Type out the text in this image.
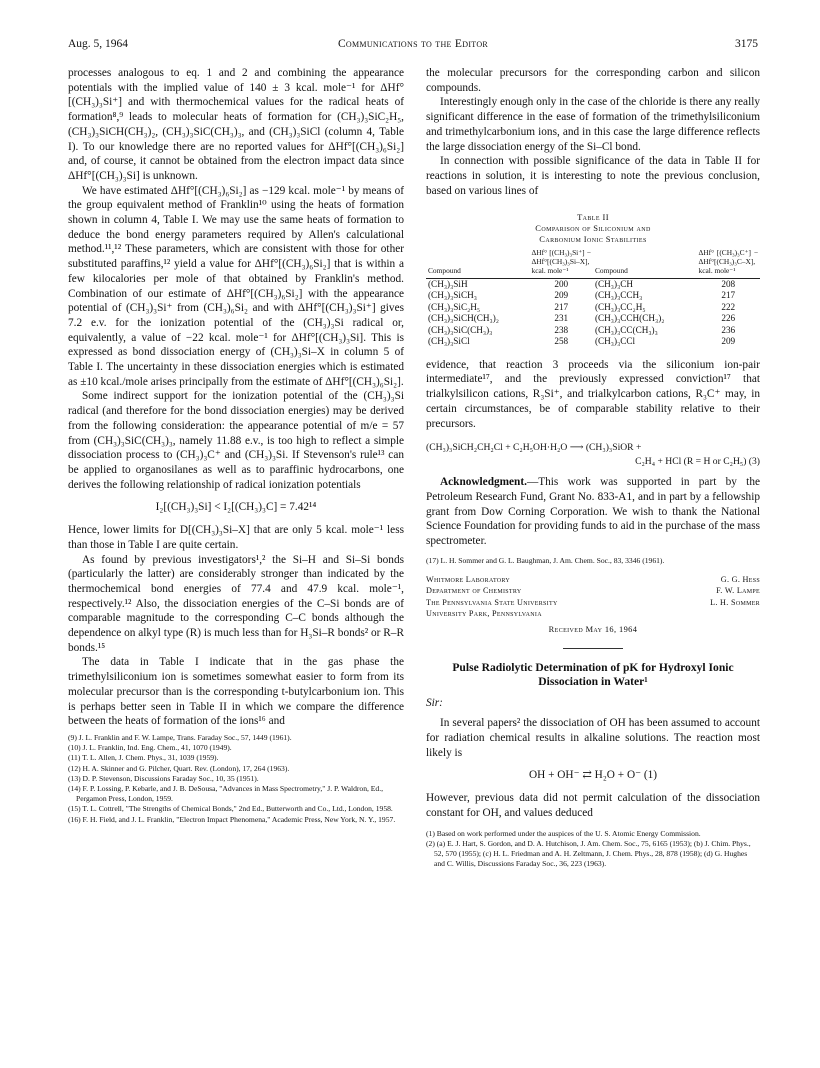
Aug. 5, 1964	Communications to the Editor	3175

processes analogous to eq. 1 and 2 and combining the appearance potentials with the implied value of 140 ± 3 kcal. mole⁻¹ for ΔHf°[(CH₃)₃Si⁺] and with thermochemical values for the radical heats of formation⁸,⁹ leads to molecular heats of formation for (CH₃)₃SiC₂H₅, (CH₃)₃SiCH(CH₃)₂, (CH₃)₃SiC(CH₃)₃, and (CH₃)₃SiCl (column 4, Table I). To our knowledge there are no reported values for ΔHf°[(CH₃)₆Si₂] and, of course, it cannot be obtained from the electron impact data since ΔHf°[(CH₃)₃Si] is unknown.

We have estimated ΔHf°[(CH₃)₆Si₂] as −129 kcal. mole⁻¹ by means of the group equivalent method of Franklin¹⁰ using the heats of formation shown in column 4, Table I. We may use the same heats of formation to deduce the bond energy parameters required by Allen's calculational method.¹¹,¹² These parameters, which are consistent with those for other substituted paraffins,¹² yield a value for ΔHf°[(CH₃)₆Si₂] that is within a few kilocalories per mole of that obtained by Franklin's method. Combination of our estimate of ΔHf°[(CH₃)₆Si₂] with the appearance potential of (CH₃)₃Si⁺ from (CH₃)₆Si₂ and with ΔHf°[(CH₃)₃Si⁺] gives 7.2 e.v. for the ionization potential of the (CH₃)₃Si radical or, equivalently, a value of −22 kcal. mole⁻¹ for ΔHf°[(CH₃)₃Si]. This is expressed as bond dissociation energy of (CH₃)₃Si–X in column 5 of Table I. The uncertainty in these dissociation energies which is estimated as ±10 kcal./mole arises principally from the estimate of ΔHf°[(CH₃)₆Si₂].

Some indirect support for the ionization potential of the (CH₃)₃Si radical (and therefore for the bond dissociation energies) may be derived from the following consideration: the appearance potential of m/e = 57 from (CH₃)₃SiC(CH₃)₃, namely 11.88 e.v., is too high to reflect a simple dissociation process to (CH₃)₃C⁺ and (CH₃)₃Si. If Stevenson's rule¹³ can be applied to organosilanes as well as to paraffinic hydrocarbons, one derives the following relationship of radical ionization potentials

I₂[(CH₃)₃Si] < I₂[(CH₃)₃C] = 7.42¹⁴

Hence, lower limits for D[(CH₃)₃Si–X] that are only 5 kcal. mole⁻¹ less than those in Table I are quite certain.

As found by previous investigators¹,² the Si–H and Si–Si bonds (particularly the latter) are considerably stronger than indicated by the thermochemical bond energies of 77.4 and 47.9 kcal. mole⁻¹, respectively.¹² Also, the dissociation energies of the C–Si bonds are of comparable magnitude to the corresponding C–C bonds although the dependence on alkyl type (R) is much less than for H₃Si–R bonds² or R–R bonds.¹⁵

The data in Table I indicate that in the gas phase the trimethylsiliconium ion is sometimes somewhat easier to form from its molecular precursor than is the corresponding t-butylcarbonium ion. This is perhaps better seen in Table II in which we compare the difference between the heats of formation of the ions¹⁶ and

(9) J. L. Franklin and F. W. Lampe, Trans. Faraday Soc., 57, 1449 (1961).

(10) J. L. Franklin, Ind. Eng. Chem., 41, 1070 (1949).

(11) T. L. Allen, J. Chem. Phys., 31, 1039 (1959).

(12) H. A. Skinner and G. Pilcher, Quart. Rev. (London), 17, 264 (1963).

(13) D. P. Stevenson, Discussions Faraday Soc., 10, 35 (1951).

(14) F. P. Lossing, P. Kebarle, and J. B. DeSousa, "Advances in Mass Spectrometry," J. P. Waldron, Ed., Pergamon Press, London, 1959.

(15) T. L. Cottrell, "The Strengths of Chemical Bonds," 2nd Ed., Butterworth and Co., Ltd., London, 1958.

(16) F. H. Field, and J. L. Franklin, "Electron Impact Phenomena," Academic Press, New York, N. Y., 1957.

the molecular precursors for the corresponding carbon and silicon compounds.

Interestingly enough only in the case of the chloride is there any really significant difference in the ease of formation of the trimethylsiliconium and trimethylcarbonium ions, and in this case the large difference reflects the large dissociation energy of the Si–Cl bond.

In connection with possible significance of the data in Table II for reactions in solution, it is interesting to note the previous conclusion, based on various lines of

Table II
Comparison of Siliconium and
Carbonium Ionic Stabilities
Compound	ΔHf° [(CH₃)₃Si⁺] − ΔHf°[(CH₃)₃Si–X], kcal. mole⁻¹	Compound	ΔHf° [(CH₃)₃C⁺] − ΔHf°[(CH₃)₃C–X], kcal. mole⁻¹
(CH₃)₃SiH	200	(CH₃)₃CH	208
(CH₃)₃SiCH₃	209	(CH₃)₃CCH₃	217
(CH₃)₃SiC₂H₅	217	(CH₃)₃CC₂H₅	222
(CH₃)₃SiCH(CH₃)₂	231	(CH₃)₃CCH(CH₃)₂	226
(CH₃)₃SiC(CH₃)₃	238	(CH₃)₃CC(CH₃)₃	236
(CH₃)₃SiCl	258	(CH₃)₃CCl	209

evidence, that reaction 3 proceeds via the siliconium ion-pair intermediate¹⁷, and the previously expressed conviction¹⁷ that trialkylsilicon cations, R₃Si⁺, and trialkylcarbon cations, R₃C⁺ may, in certain circumstances, be of comparable stability relative to their precursors.

(CH₃)₃SiCH₂CH₂Cl + C₂H₅OH·H₂O ⟶ (CH₃)₃SiOR +
C₂H₄ + HCl (R = H or C₂H₅) (3)

Acknowledgment.—This work was supported in part by the Petroleum Research Fund, Grant No. 833-A1, and in part by a fellowship grant from Dow Corning Corporation. We wish to thank the National Science Foundation for providing funds to aid in the purchase of the mass spectrometer.

(17) L. H. Sommer and G. L. Baughman, J. Am. Chem. Soc., 83, 3346 (1961).

Whitmore Laboratory	G. G. Hess
Department of Chemistry	F. W. Lampe
The Pennsylvania State University	L. H. Sommer
University Park, Pennsylvania
Received May 16, 1964
Pulse Radiolytic Determination of pK for Hydroxyl Ionic Dissociation in Water¹

Sir:

In several papers² the dissociation of OH has been assumed to account for radiation chemical results in alkaline solutions. The reaction most likely is

OH + OH⁻ ⇄ H₂O + O⁻ (1)

However, previous data did not permit calculation of the dissociation constant for OH, and values deduced

(1) Based on work performed under the auspices of the U. S. Atomic Energy Commission.

(2) (a) E. J. Hart, S. Gordon, and D. A. Hutchison, J. Am. Chem. Soc., 75, 6165 (1953); (b) J. Chim. Phys., 52, 570 (1955); (c) H. L. Friedman and A. H. Zeltmann, J. Chem. Phys., 28, 878 (1958); (d) G. Hughes and C. Willis, Discussions Faraday Soc., 36, 223 (1963).
